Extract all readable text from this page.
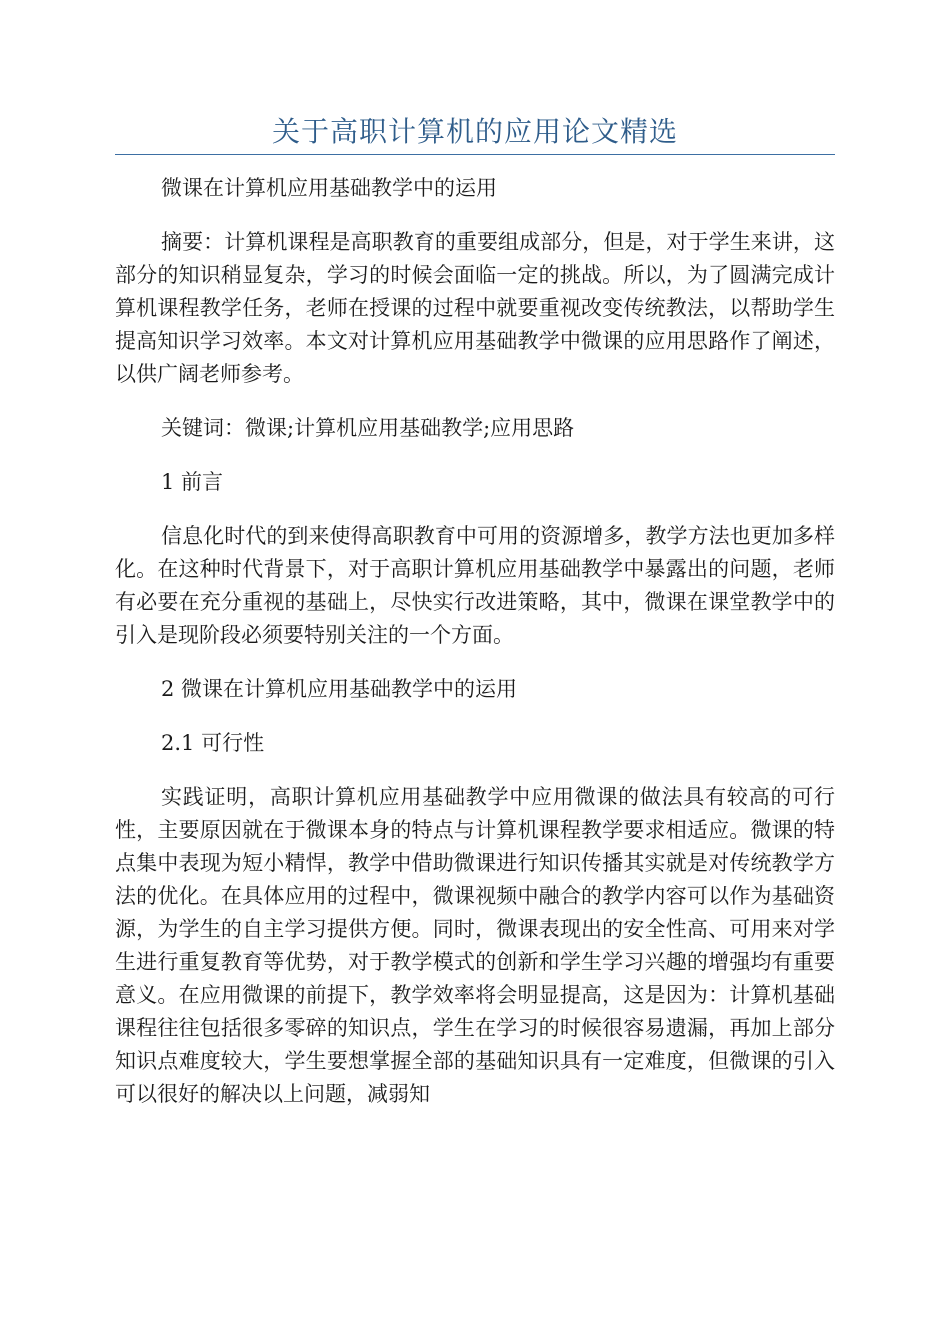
关于高职计算机的应用论文精选

微课在计算机应用基础教学中的运用

摘要：计算机课程是高职教育的重要组成部分，但是，对于学生来讲，这部分的知识稍显复杂，学习的时候会面临一定的挑战。所以，为了圆满完成计算机课程教学任务，老师在授课的过程中就要重视改变传统教法，以帮助学生提高知识学习效率。本文对计算机应用基础教学中微课的应用思路作了阐述，以供广阔老师参考。

关键词：微课;计算机应用基础教学;应用思路

1 前言

信息化时代的到来使得高职教育中可用的资源增多，教学方法也更加多样化。在这种时代背景下，对于高职计算机应用基础教学中暴露出的问题，老师有必要在充分重视的基础上，尽快实行改进策略，其中，微课在课堂教学中的引入是现阶段必须要特别关注的一个方面。

2 微课在计算机应用基础教学中的运用

2.1 可行性

实践证明，高职计算机应用基础教学中应用微课的做法具有较高的可行性，主要原因就在于微课本身的特点与计算机课程教学要求相适应。微课的特点集中表现为短小精悍，教学中借助微课进行知识传播其实就是对传统教学方法的优化。在具体应用的过程中，微课视频中融合的教学内容可以作为基础资源，为学生的自主学习提供方便。同时，微课表现出的安全性高、可用来对学生进行重复教育等优势，对于教学模式的创新和学生学习兴趣的增强均有重要意义。在应用微课的前提下，教学效率将会明显提高，这是因为：计算机基础课程往往包括很多零碎的知识点，学生在学习的时候很容易遗漏，再加上部分知识点难度较大，学生要想掌握全部的基础知识具有一定难度，但微课的引入可以很好的解决以上问题，减弱知
